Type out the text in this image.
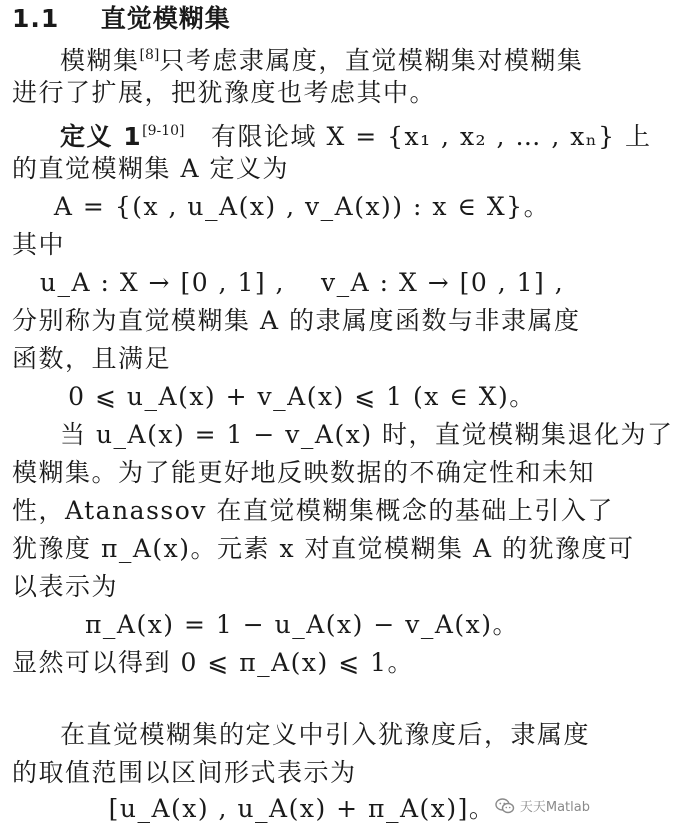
1.1 直觉模糊集
模糊集[8]只考虑隶属度，直觉模糊集对模糊集
进行了扩展，把犹豫度也考虑其中。
定义 1[9-10]　有限论域 X = {x₁ , x₂ , … , xₙ} 上
的直觉模糊集 A 定义为
A = {(x , u_A(x) , v_A(x)) : x ∈ X}。
其中
u_A : X → [0 , 1] ,　 v_A : X → [0 , 1] ,
分别称为直觉模糊集 A 的隶属度函数与非隶属度
函数，且满足
0 ⩽ u_A(x) + v_A(x) ⩽ 1 (x ∈ X)。
当 u_A(x) = 1 − v_A(x) 时，直觉模糊集退化为了
模糊集。为了能更好地反映数据的不确定性和未知
性，Atanassov 在直觉模糊集概念的基础上引入了
犹豫度 π_A(x)。元素 x 对直觉模糊集 A 的犹豫度可
以表示为
π_A(x) = 1 − u_A(x) − v_A(x)。
显然可以得到 0 ⩽ π_A(x) ⩽ 1。
在直觉模糊集的定义中引入犹豫度后，隶属度
的取值范围以区间形式表示为
[u_A(x) , u_A(x) + π_A(x)]。	天天Matlab
